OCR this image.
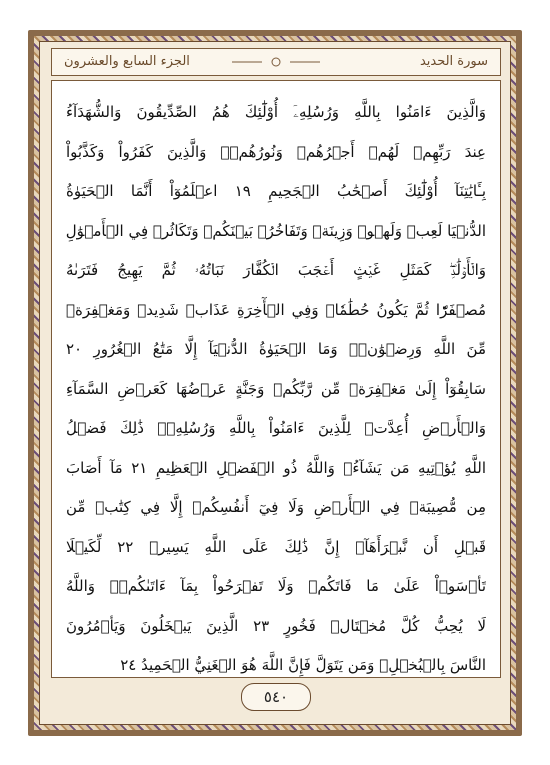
الجزء السابع والعشرون	سورة الحديد
وَالَّذِينَ ءَامَنُوا بِاللَّهِ وَرُسُلِهِۦٓ أُوْلَٰٓئِكَ هُمُ الصِّدِّيقُونَ وَالشُّهَدَآءُ
عِندَ رَبِّهِمۡ لَهُمۡ أَجۡرُهُمۡ وَنُورُهُمۡۖ وَالَّذِينَ كَفَرُواْ وَكَذَّبُواْ
بِـَٔايَٰتِنَآ أُوْلَٰٓئِكَ أَصۡحَٰبُ الۡجَحِيمِ ١٩ اعۡلَمُوٓاْ أَنَّمَا الۡحَيَوٰةُ
الدُّنۡيَا لَعِبٞ وَلَهۡوٞ وَزِينَةٞ وَتَفَاخُرُۢ بَيۡنَكُمۡ وَتَكَاثُرٞ فِي الۡأَمۡوَٰلِ
وَالۡأَوۡلَٰدِۖ كَمَثَلِ غَيۡثٍ أَعۡجَبَ الۡكُفَّارَ نَبَاتُهُۥ ثُمَّ يَهِيجُ فَتَرَىٰهُ
مُصۡفَرّٗا ثُمَّ يَكُونُ حُطَٰمٗاۖ وَفِي الۡأٓخِرَةِ عَذَابٞ شَدِيدٞ وَمَغۡفِرَةٞ
مِّنَ اللَّهِ وَرِضۡوَٰنٞۚ وَمَا الۡحَيَوٰةُ الدُّنۡيَآ إِلَّا مَتَٰعُ الۡغُرُورِ ٢٠
سَابِقُوٓاْ إِلَىٰ مَغۡفِرَةٖ مِّن رَّبِّكُمۡ وَجَنَّةٍ عَرۡضُهَا كَعَرۡضِ السَّمَآءِ
وَالۡأَرۡضِ أُعِدَّتۡ لِلَّذِينَ ءَامَنُواْ بِاللَّهِ وَرُسُلِهِۦۚ ذَٰلِكَ فَضۡلُ
اللَّهِ يُؤۡتِيهِ مَن يَشَآءُۚ وَاللَّهُ ذُو الۡفَضۡلِ الۡعَظِيمِ ٢١ مَآ أَصَابَ
مِن مُّصِيبَةٖ فِي الۡأَرۡضِ وَلَا فِيٓ أَنفُسِكُمۡ إِلَّا فِي كِتَٰبٖ مِّن
قَبۡلِ أَن نَّبۡرَأَهَآۚ إِنَّ ذَٰلِكَ عَلَى اللَّهِ يَسِيرٞ ٢٢ لِّكَيۡلَا
تَأۡسَوۡاْ عَلَىٰ مَا فَاتَكُمۡ وَلَا تَفۡرَحُواْ بِمَآ ءَاتَىٰكُمۡۗ وَاللَّهُ
لَا يُحِبُّ كُلَّ مُخۡتَالٖ فَخُورٍ ٢٣ الَّذِينَ يَبۡخَلُونَ وَيَأۡمُرُونَ
النَّاسَ بِالۡبُخۡلِۗ وَمَن يَتَوَلَّ فَإِنَّ اللَّهَ هُوَ الۡغَنِيُّ الۡحَمِيدُ ٢٤
٥٤٠
